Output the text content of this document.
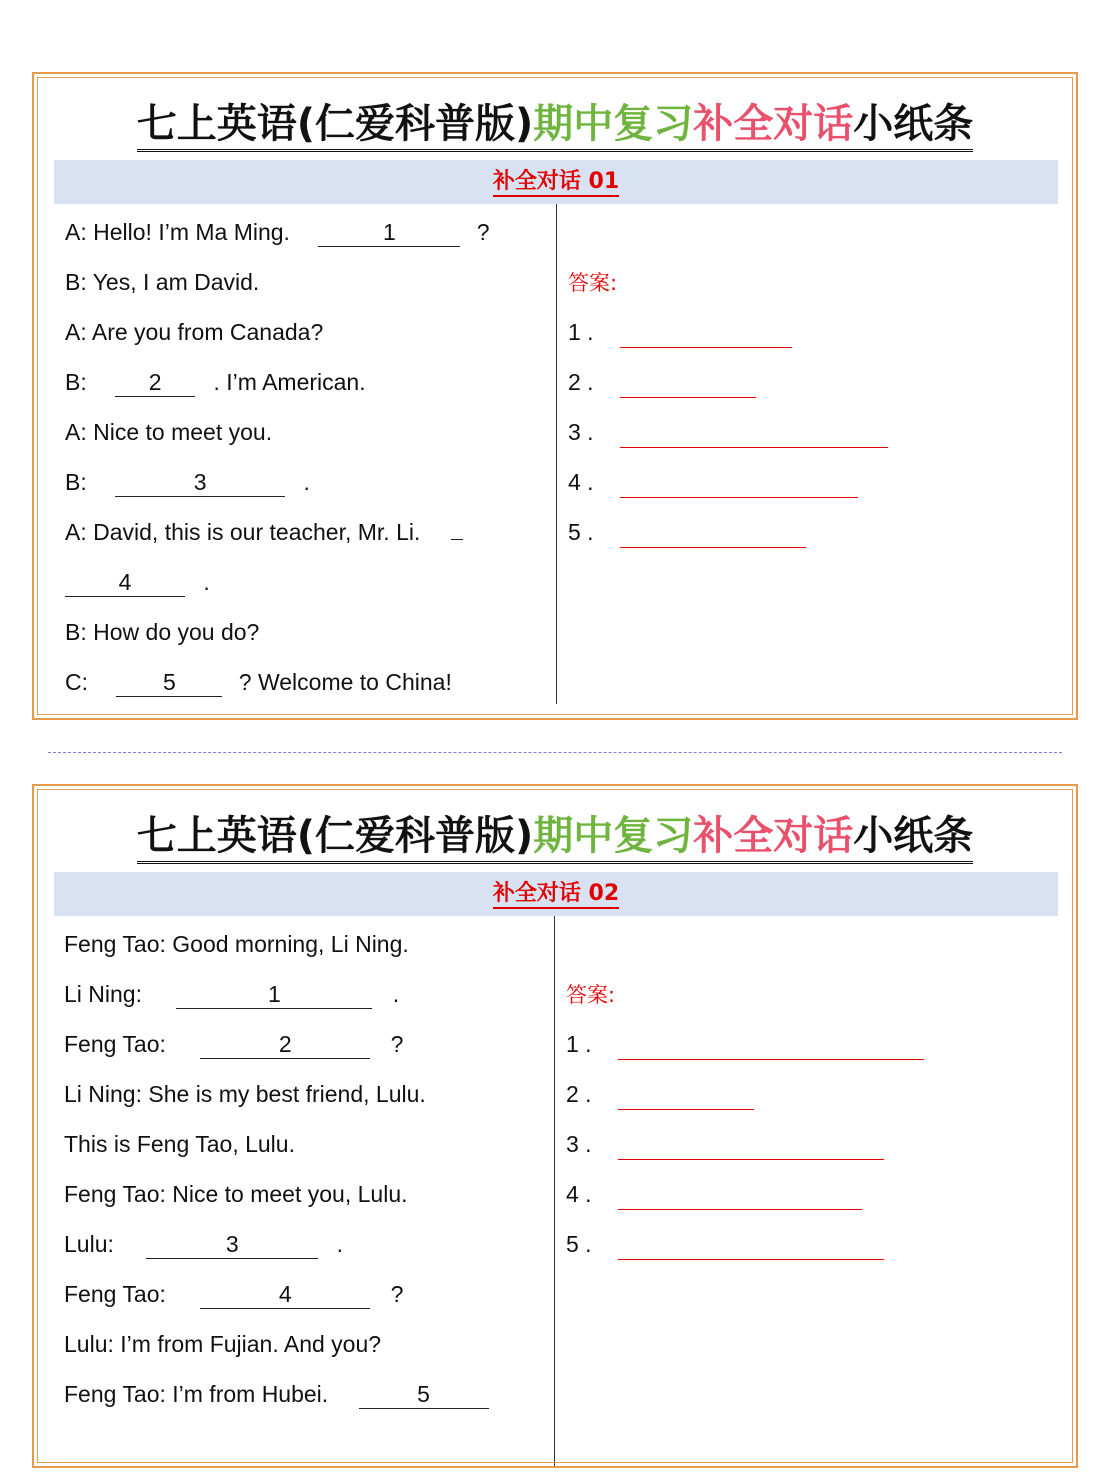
七上英语(仁爱科普版)期中复习补全对话小纸条
补全对话 01
A: Hello! I’m Ma Ming.	1	?
B: Yes, I am David.
A: Are you from Canada?
B:	2 . I’m American.
A: Nice to meet you.
B:	3	.
A: David, this is our teacher, Mr. Li.
4	.
B: How do you do?
C:	5	? Welcome to China!
答案:
1 .
2 .
3 .
4 .
5 .
七上英语(仁爱科普版)期中复习补全对话小纸条
补全对话 02
Feng Tao: Good morning, Li Ning.
Li Ning:	1	.
Feng Tao:	2	?
Li Ning: She is my best friend, Lulu.
This is Feng Tao, Lulu.
Feng Tao: Nice to meet you, Lulu.
Lulu:	3	.
Feng Tao:	4	?
Lulu: I’m from Fujian. And you?
Feng Tao: I’m from Hubei.	5
答案:
1 .
2 .
3 .
4 .
5 .
